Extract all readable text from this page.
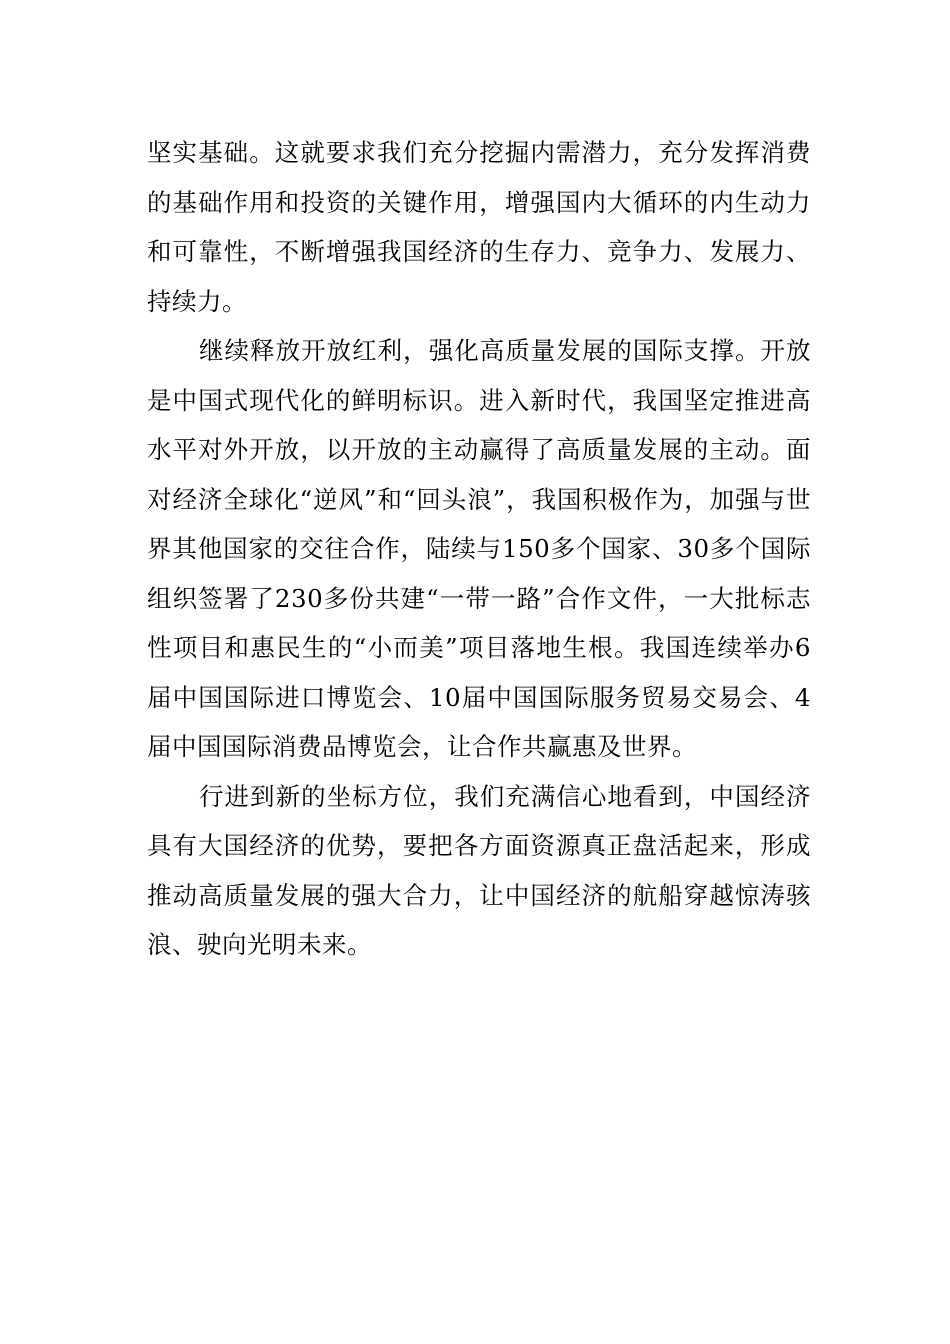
坚实基础。这就要求我们充分挖掘内需潜力，充分发挥消费的基础作用和投资的关键作用，增强国内大循环的内生动力和可靠性，不断增强我国经济的生存力、竞争力、发展力、持续力。

继续释放开放红利，强化高质量发展的国际支撑。开放是中国式现代化的鲜明标识。进入新时代，我国坚定推进高水平对外开放，以开放的主动赢得了高质量发展的主动。面对经济全球化“逆风”和“回头浪”，我国积极作为，加强与世界其他国家的交往合作，陆续与150多个国家、30多个国际组织签署了230多份共建“一带一路”合作文件，一大批标志性项目和惠民生的“小而美”项目落地生根。我国连续举办6届中国国际进口博览会、10届中国国际服务贸易交易会、4届中国国际消费品博览会，让合作共赢惠及世界。

行进到新的坐标方位，我们充满信心地看到，中国经济具有大国经济的优势，要把各方面资源真正盘活起来，形成推动高质量发展的强大合力，让中国经济的航船穿越惊涛骇浪、驶向光明未来。
